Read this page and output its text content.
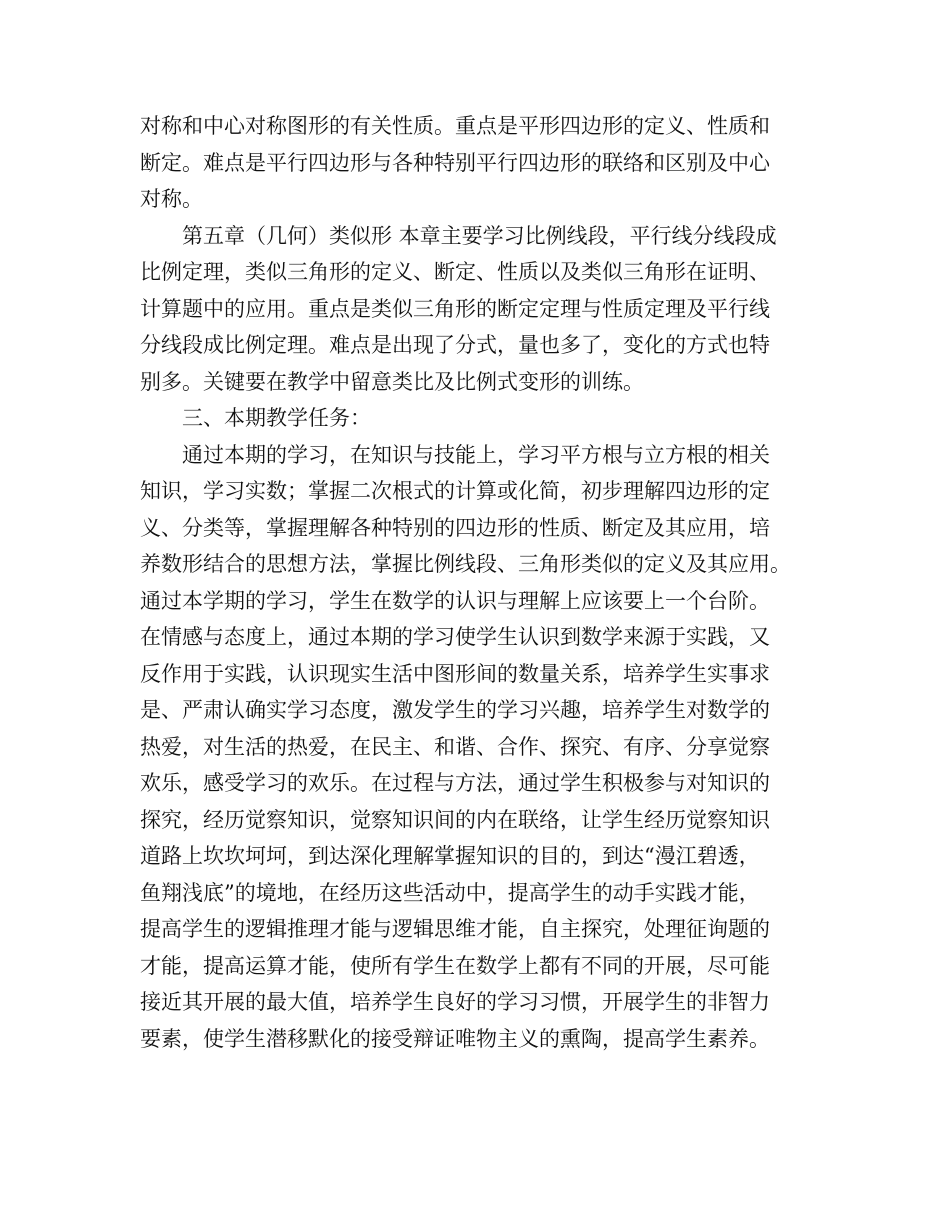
对称和中心对称图形的有关性质。重点是平形四边形的定义、性质和
断定。难点是平行四边形与各种特别平行四边形的联络和区别及中心
对称。
第五章（几何）类似形 本章主要学习比例线段，平行线分线段成
比例定理，类似三角形的定义、断定、性质以及类似三角形在证明、
计算题中的应用。重点是类似三角形的断定定理与性质定理及平行线
分线段成比例定理。难点是出现了分式，量也多了，变化的方式也特
别多。关键要在教学中留意类比及比例式变形的训练。
三、本期教学任务：
通过本期的学习，在知识与技能上，学习平方根与立方根的相关
知识，学习实数；掌握二次根式的计算或化简，初步理解四边形的定
义、分类等，掌握理解各种特别的四边形的性质、断定及其应用，培
养数形结合的思想方法，掌握比例线段、三角形类似的定义及其应用。
通过本学期的学习，学生在数学的认识与理解上应该要上一个台阶。
在情感与态度上，通过本期的学习使学生认识到数学来源于实践，又
反作用于实践，认识现实生活中图形间的数量关系，培养学生实事求
是、严肃认确实学习态度，激发学生的学习兴趣，培养学生对数学的
热爱，对生活的热爱，在民主、和谐、合作、探究、有序、分享觉察
欢乐，感受学习的欢乐。在过程与方法，通过学生积极参与对知识的
探究，经历觉察知识，觉察知识间的内在联络，让学生经历觉察知识
道路上坎坎坷坷，到达深化理解掌握知识的目的，到达“漫江碧透，
鱼翔浅底”的境地，在经历这些活动中，提高学生的动手实践才能，
提高学生的逻辑推理才能与逻辑思维才能，自主探究，处理征询题的
才能，提高运算才能，使所有学生在数学上都有不同的开展，尽可能
接近其开展的最大值，培养学生良好的学习习惯，开展学生的非智力
要素，使学生潜移默化的接受辩证唯物主义的熏陶，提高学生素养。
